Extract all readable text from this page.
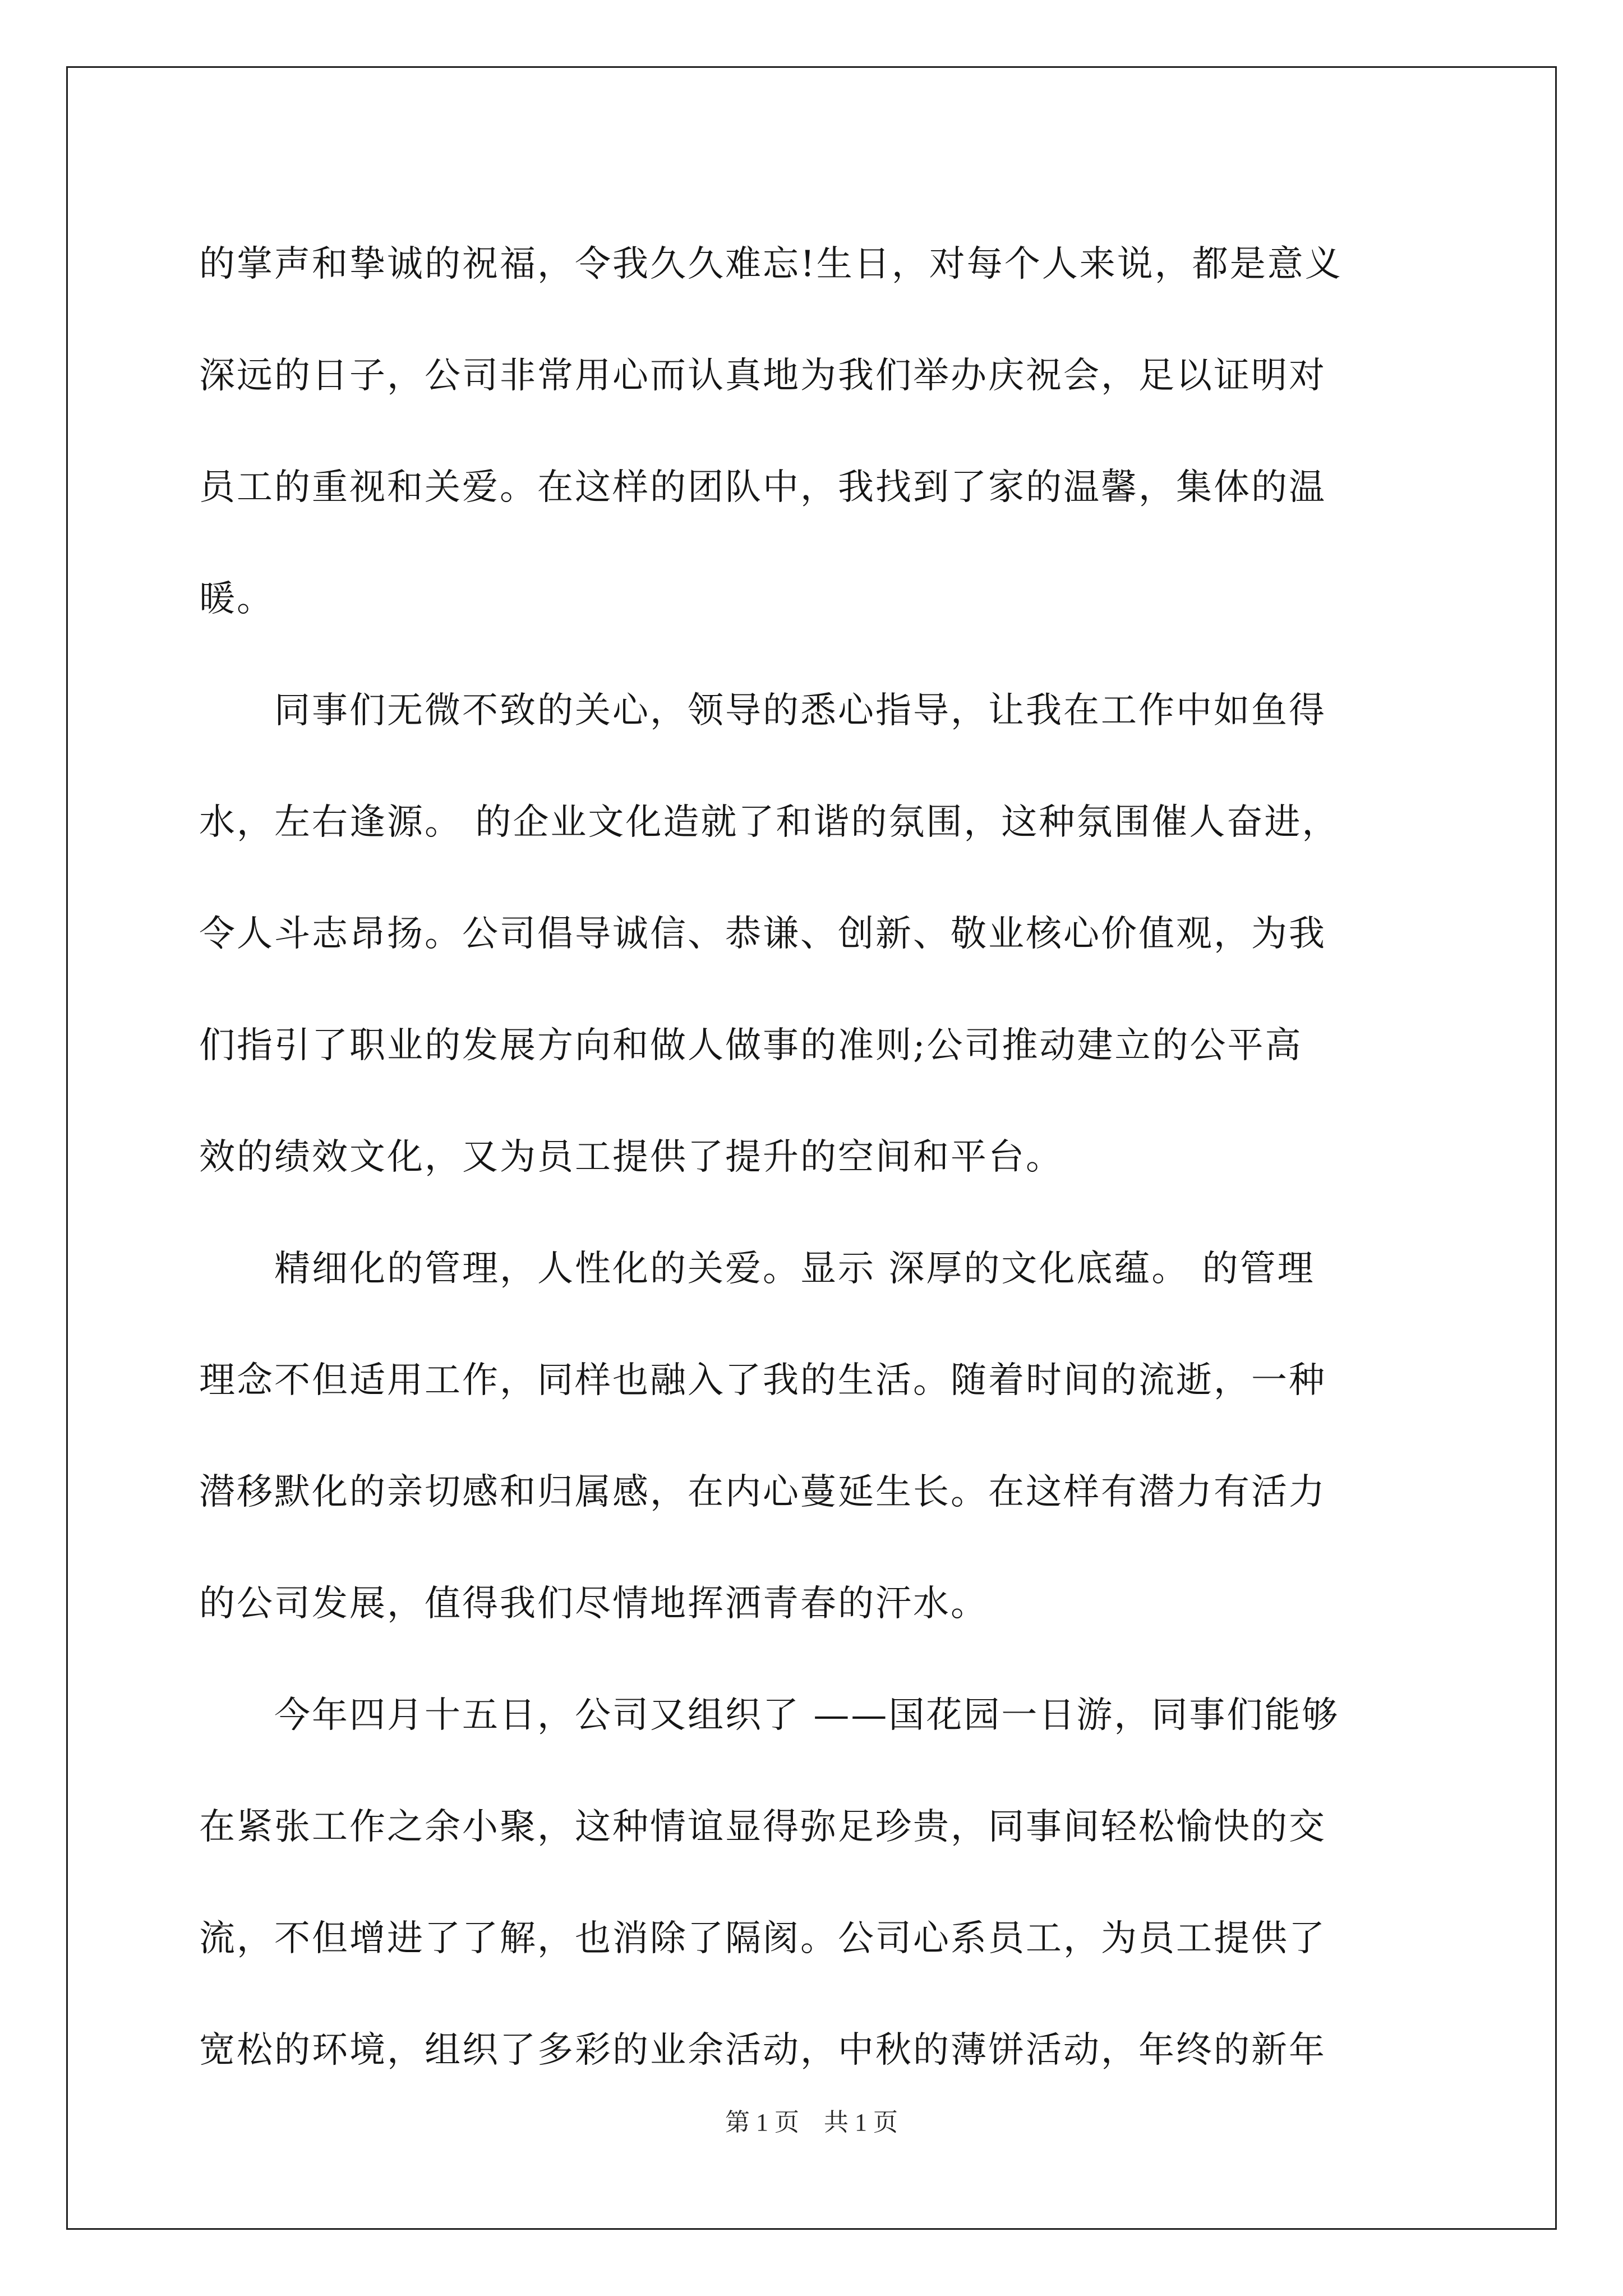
的掌声和挚诚的祝福，令我久久难忘!生日，对每个人来说，都是意义
深远的日子，公司非常用心而认真地为我们举办庆祝会，足以证明对
员工的重视和关爱。在这样的团队中，我找到了家的温馨，集体的温
暖。
　　同事们无微不致的关心，领导的悉心指导，让我在工作中如鱼得
水，左右逢源。 的企业文化造就了和谐的氛围，这种氛围催人奋进，
令人斗志昂扬。公司倡导诚信、恭谦、创新、敬业核心价值观，为我
们指引了职业的发展方向和做人做事的准则;公司推动建立的公平高
效的绩效文化，又为员工提供了提升的空间和平台。
　　精细化的管理，人性化的关爱。显示 深厚的文化底蕴。 的管理
理念不但适用工作，同样也融入了我的生活。随着时间的流逝，一种
潜移默化的亲切感和归属感，在内心蔓延生长。在这样有潜力有活力
的公司发展，值得我们尽情地挥洒青春的汗水。
　　今年四月十五日，公司又组织了 ——国花园一日游，同事们能够
在紧张工作之余小聚，这种情谊显得弥足珍贵，同事间轻松愉快的交
流，不但增进了了解，也消除了隔阂。公司心系员工，为员工提供了
宽松的环境，组织了多彩的业余活动，中秋的薄饼活动，年终的新年
第 1 页　共 1 页
